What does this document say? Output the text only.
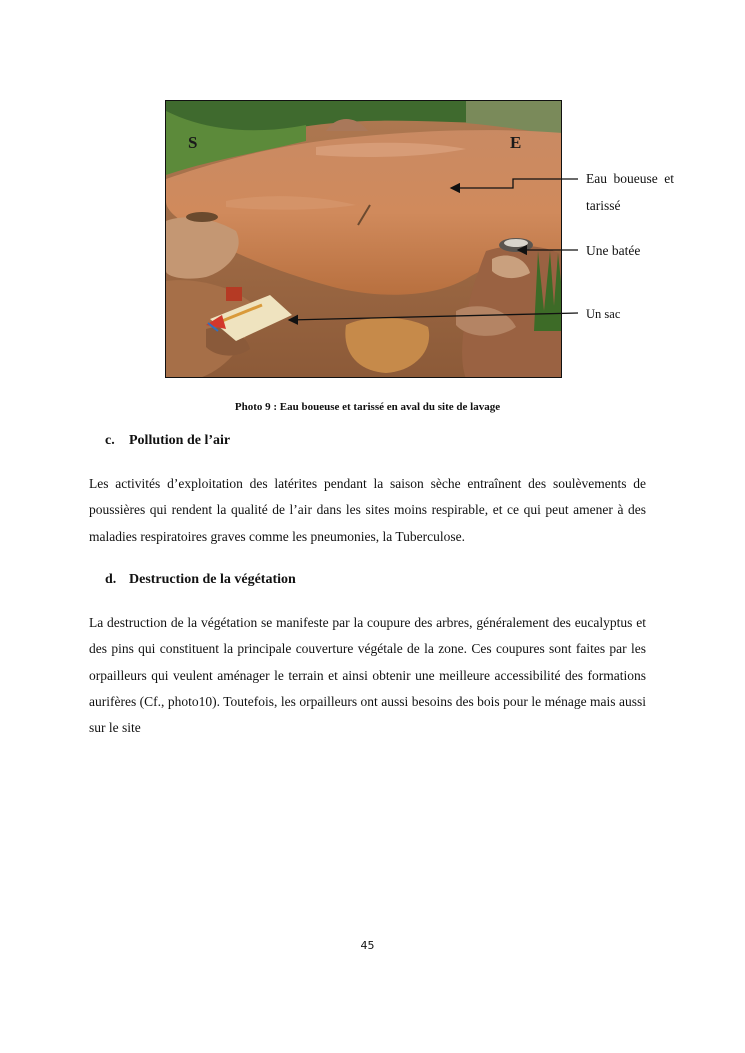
S	E
Eau boueuse et tarissé
Une batée
Un sac
Photo 9 : Eau boueuse et tarissé en aval du site de lavage
c. Pollution de l’air

Les activités d’exploitation des latérites pendant la saison sèche entraînent des soulèvements de poussières qui rendent la qualité de l’air dans les sites moins respirable, et ce qui peut amener à des maladies respiratoires graves comme les pneumonies, la Tuberculose.

d. Destruction de la végétation

La destruction de la végétation se manifeste par la coupure des arbres, généralement des eucalyptus et des pins qui constituent la principale couverture végétale de la zone. Ces coupures sont faites par les orpailleurs qui veulent aménager le terrain et ainsi obtenir une meilleure accessibilité des formations aurifères (Cf., photo10). Toutefois, les orpailleurs ont aussi besoins des bois pour le ménage mais aussi sur le site

45
